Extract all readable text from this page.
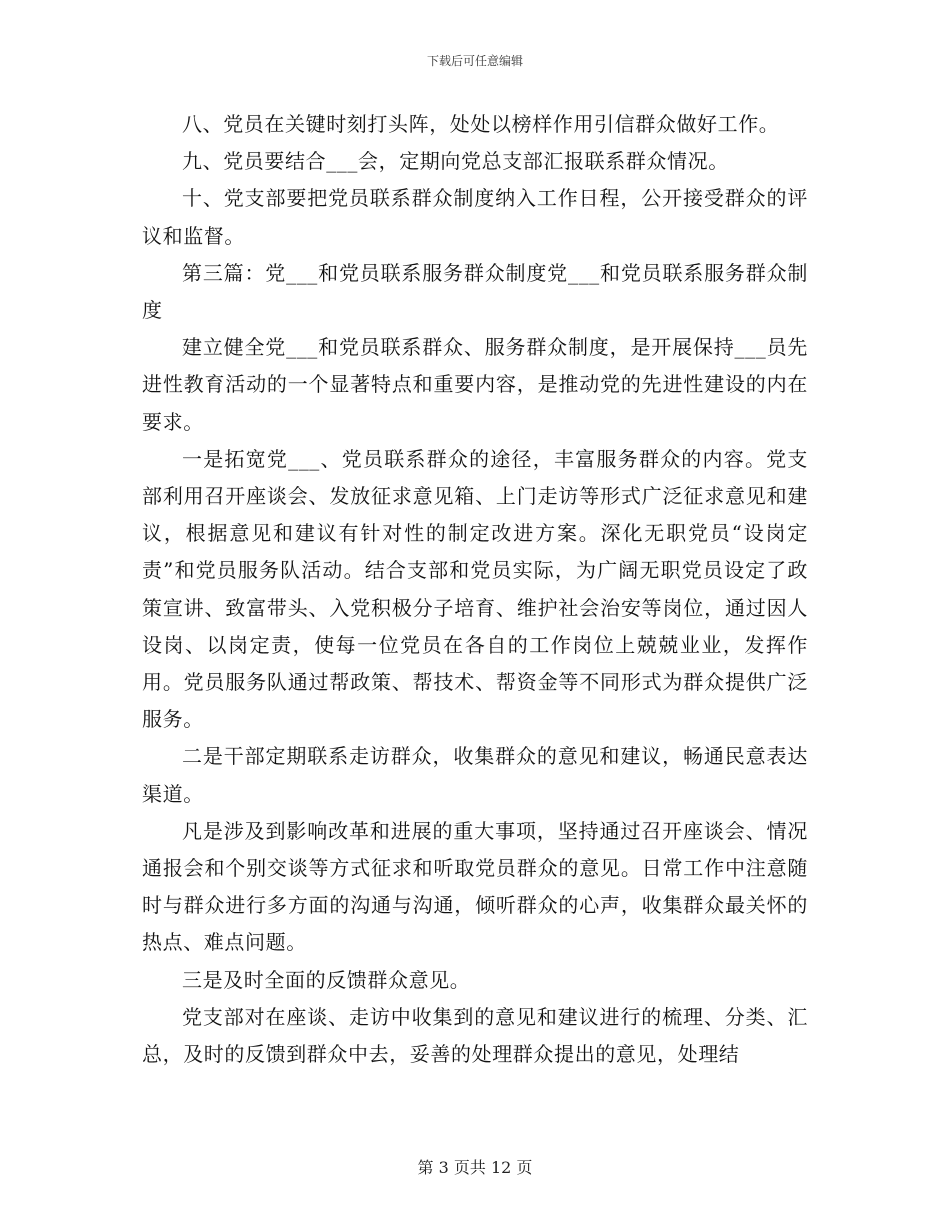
下载后可任意编辑

八、党员在关键时刻打头阵，处处以榜样作用引信群众做好工作。

九、党员要结合___会，定期向党总支部汇报联系群众情况。

十、党支部要把党员联系群众制度纳入工作日程，公开接受群众的评议和监督。

第三篇：党___和党员联系服务群众制度党___和党员联系服务群众制度

建立健全党___和党员联系群众、服务群众制度，是开展保持___员先进性教育活动的一个显著特点和重要内容，是推动党的先进性建设的内在要求。

一是拓宽党___、党员联系群众的途径，丰富服务群众的内容。党支部利用召开座谈会、发放征求意见箱、上门走访等形式广泛征求意见和建议，根据意见和建议有针对性的制定改进方案。深化无职党员“设岗定责”和党员服务队活动。结合支部和党员实际，为广阔无职党员设定了政策宣讲、致富带头、入党积极分子培育、维护社会治安等岗位，通过因人设岗、以岗定责，使每一位党员在各自的工作岗位上兢兢业业，发挥作用。党员服务队通过帮政策、帮技术、帮资金等不同形式为群众提供广泛服务。

二是干部定期联系走访群众，收集群众的意见和建议，畅通民意表达渠道。

凡是涉及到影响改革和进展的重大事项，坚持通过召开座谈会、情况通报会和个别交谈等方式征求和听取党员群众的意见。日常工作中注意随时与群众进行多方面的沟通与沟通，倾听群众的心声，收集群众最关怀的热点、难点问题。

三是及时全面的反馈群众意见。

党支部对在座谈、走访中收集到的意见和建议进行的梳理、分类、汇总，及时的反馈到群众中去，妥善的处理群众提出的意见，处理结

第 3 页共 12 页
